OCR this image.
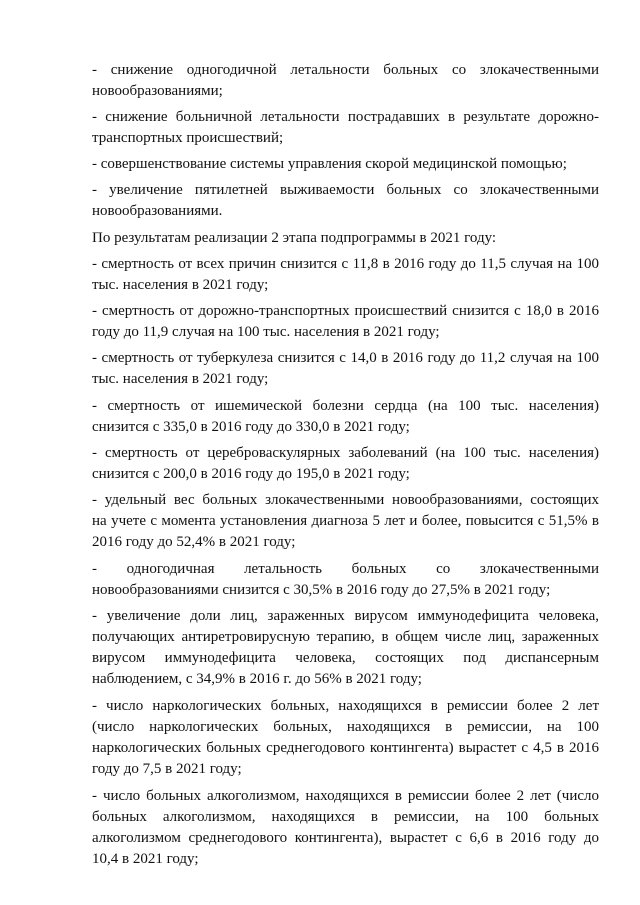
- снижение одногодичной летальности больных со злокачественными
новообразованиями;
- снижение больничной летальности пострадавших в результате дорожно-
транспортных происшествий;
- совершенствование системы управления скорой медицинской помощью;
- увеличение пятилетней выживаемости больных со злокачественными
новообразованиями.
По результатам реализации 2 этапа подпрограммы в 2021 году:
- смертность от всех причин снизится с 11,8 в 2016 году до 11,5 случая на 100
тыс. населения в 2021 году;
- смертность от дорожно-транспортных происшествий снизится с 18,0 в 2016
году до 11,9 случая на 100 тыс. населения в 2021 году;
- смертность от туберкулеза снизится с 14,0 в 2016 году до 11,2 случая на 100
тыс. населения в 2021 году;
- смертность от ишемической болезни сердца (на 100 тыс. населения)
снизится с 335,0 в 2016 году до 330,0 в 2021 году;
- смертность от цереброваскулярных заболеваний (на 100 тыс. населения)
снизится с 200,0 в 2016 году до 195,0 в 2021 году;
- удельный вес больных злокачественными новообразованиями, состоящих
на учете с момента установления диагноза 5 лет и более, повысится с 51,5% в
2016 году до 52,4% в 2021 году;
- одногодичная летальность больных со злокачественными
новообразованиями снизится с 30,5% в 2016 году до 27,5% в 2021 году;
- увеличение доли лиц, зараженных вирусом иммунодефицита человека,
получающих антиретровирусную терапию, в общем числе лиц, зараженных
вирусом иммунодефицита человека, состоящих под диспансерным
наблюдением, с 34,9% в 2016 г. до 56% в 2021 году;
- число наркологических больных, находящихся в ремиссии более 2 лет
(число наркологических больных, находящихся в ремиссии, на 100
наркологических больных среднегодового контингента) вырастет с 4,5 в 2016
году до 7,5 в 2021 году;
- число больных алкоголизмом, находящихся в ремиссии более 2 лет (число
больных алкоголизмом, находящихся в ремиссии, на 100 больных
алкоголизмом среднегодового контингента), вырастет с 6,6 в 2016 году до
10,4 в 2021 году;
